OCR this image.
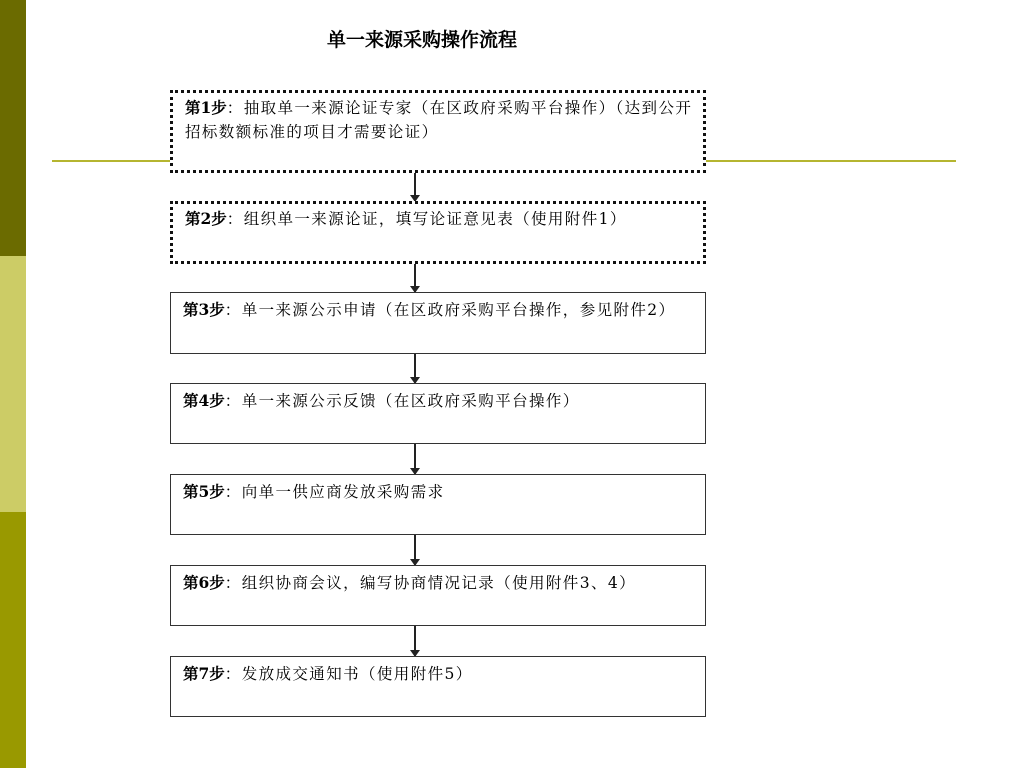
单一来源采购操作流程
第1步：抽取单一来源论证专家（在区政府采购平台操作）（达到公开招标数额标准的项目才需要论证）
第2步：组织单一来源论证，填写论证意见表（使用附件1）
第3步：单一来源公示申请（在区政府采购平台操作，参见附件2）
第4步：单一来源公示反馈（在区政府采购平台操作）
第5步：向单一供应商发放采购需求
第6步：组织协商会议，编写协商情况记录（使用附件3、4）
第7步：发放成交通知书（使用附件5）
